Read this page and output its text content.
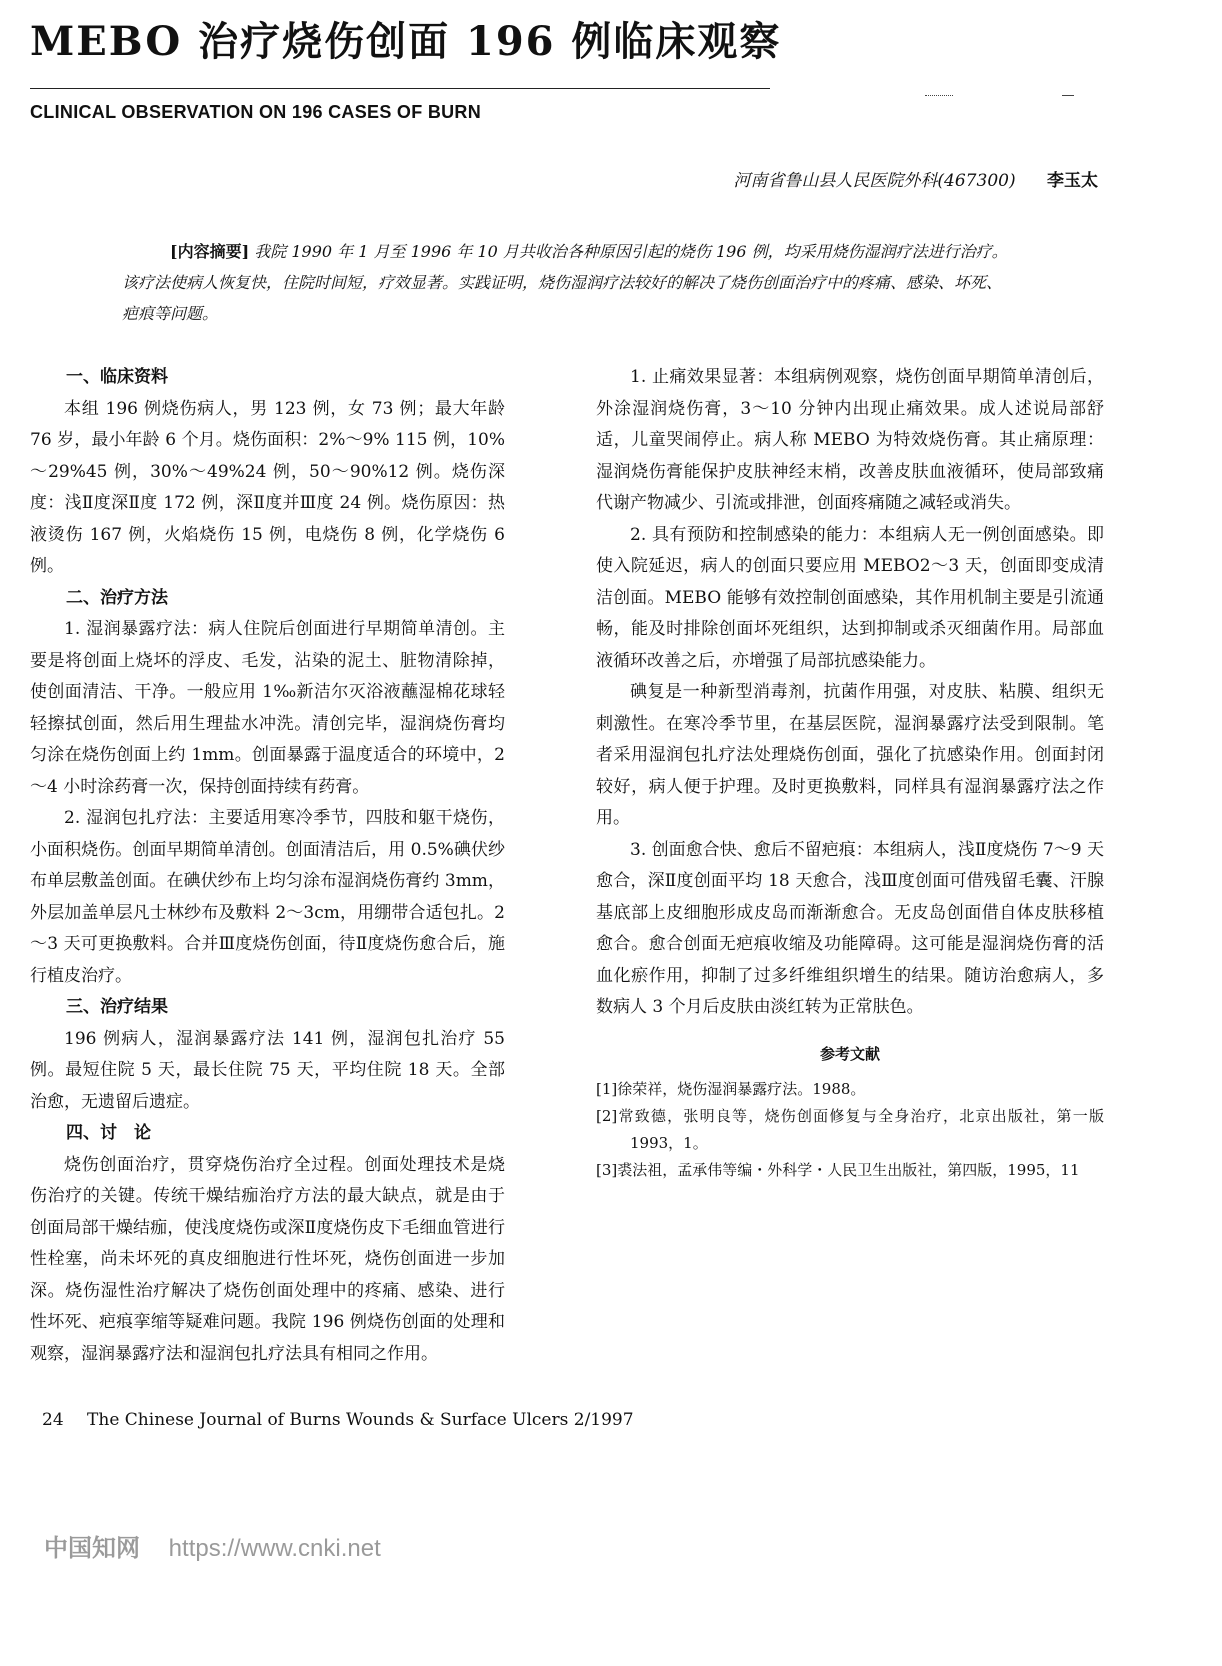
MEBO 治疗烧伤创面 196 例临床观察
CLINICAL OBSERVATION ON 196 CASES OF BURN
河南省鲁山县人民医院外科(467300) 李玉太

[内容摘要] 我院 1990 年 1 月至 1996 年 10 月共收治各种原因引起的烧伤 196 例，均采用烧伤湿润疗法进行治疗。该疗法使病人恢复快，住院时间短，疗效显著。实践证明，烧伤湿润疗法较好的解决了烧伤创面治疗中的疼痛、感染、坏死、疤痕等问题。

一、临床资料

本组 196 例烧伤病人，男 123 例，女 73 例；最大年龄 76 岁，最小年龄 6 个月。烧伤面积：2%～9% 115 例，10%～29%45 例，30%～49%24 例，50～90%12 例。烧伤深度：浅Ⅱ度深Ⅱ度 172 例，深Ⅱ度并Ⅲ度 24 例。烧伤原因：热液烫伤 167 例，火焰烧伤 15 例，电烧伤 8 例，化学烧伤 6 例。

二、治疗方法

1. 湿润暴露疗法：病人住院后创面进行早期简单清创。主要是将创面上烧坏的浮皮、毛发，沾染的泥土、脏物清除掉，使创面清洁、干净。一般应用 1‰新洁尔灭浴液蘸湿棉花球轻轻擦拭创面，然后用生理盐水冲洗。清创完毕，湿润烧伤膏均匀涂在烧伤创面上约 1mm。创面暴露于温度适合的环境中，2～4 小时涂药膏一次，保持创面持续有药膏。

2. 湿润包扎疗法：主要适用寒冷季节，四肢和躯干烧伤，小面积烧伤。创面早期简单清创。创面清洁后，用 0.5%碘伏纱布单层敷盖创面。在碘伏纱布上均匀涂布湿润烧伤膏约 3mm，外层加盖单层凡士林纱布及敷料 2～3cm，用绷带合适包扎。2～3 天可更换敷料。合并Ⅲ度烧伤创面，待Ⅱ度烧伤愈合后，施行植皮治疗。

三、治疗结果

196 例病人，湿润暴露疗法 141 例，湿润包扎治疗 55 例。最短住院 5 天，最长住院 75 天，平均住院 18 天。全部治愈，无遗留后遗症。

四、讨　论

烧伤创面治疗，贯穿烧伤治疗全过程。创面处理技术是烧伤治疗的关键。传统干燥结痂治疗方法的最大缺点，就是由于创面局部干燥结痂，使浅度烧伤或深Ⅱ度烧伤皮下毛细血管进行性栓塞，尚未坏死的真皮细胞进行性坏死，烧伤创面进一步加深。烧伤湿性治疗解决了烧伤创面处理中的疼痛、感染、进行性坏死、疤痕挛缩等疑难问题。我院 196 例烧伤创面的处理和观察，湿润暴露疗法和湿润包扎疗法具有相同之作用。

1. 止痛效果显著：本组病例观察，烧伤创面早期简单清创后，外涂湿润烧伤膏，3～10 分钟内出现止痛效果。成人述说局部舒适，儿童哭闹停止。病人称 MEBO 为特效烧伤膏。其止痛原理：湿润烧伤膏能保护皮肤神经末梢，改善皮肤血液循环，使局部致痛代谢产物减少、引流或排泄，创面疼痛随之减轻或消失。

2. 具有预防和控制感染的能力：本组病人无一例创面感染。即使入院延迟，病人的创面只要应用 MEBO2～3 天，创面即变成清洁创面。MEBO 能够有效控制创面感染，其作用机制主要是引流通畅，能及时排除创面坏死组织，达到抑制或杀灭细菌作用。局部血液循环改善之后，亦增强了局部抗感染能力。

碘复是一种新型消毒剂，抗菌作用强，对皮肤、粘膜、组织无刺激性。在寒冷季节里，在基层医院，湿润暴露疗法受到限制。笔者采用湿润包扎疗法处理烧伤创面，强化了抗感染作用。创面封闭较好，病人便于护理。及时更换敷料，同样具有湿润暴露疗法之作用。

3. 创面愈合快、愈后不留疤痕：本组病人，浅Ⅱ度烧伤 7～9 天愈合，深Ⅱ度创面平均 18 天愈合，浅Ⅲ度创面可借残留毛囊、汗腺基底部上皮细胞形成皮岛而渐渐愈合。无皮岛创面借自体皮肤移植愈合。愈合创面无疤痕收缩及功能障碍。这可能是湿润烧伤膏的活血化瘀作用，抑制了过多纤维组织增生的结果。随访治愈病人，多数病人 3 个月后皮肤由淡红转为正常肤色。

参考文献
[1]徐荣祥，烧伤湿润暴露疗法。1988。
[2]常致德，张明良等，烧伤创面修复与全身治疗，北京出版社，第一版　1993，1。
[3]裘法祖，孟承伟等编・外科学・人民卫生出版社，第四版，1995，11
24 The Chinese Journal of Burns Wounds & Surface Ulcers 2/1997
中国知网 https://www.cnki.net
